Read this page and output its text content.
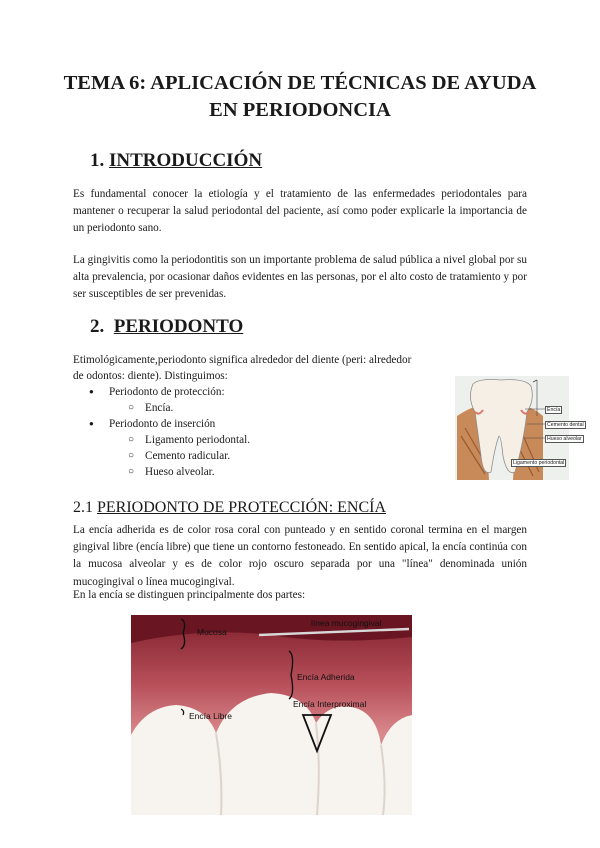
TEMA 6: APLICACIÓN DE TÉCNICAS DE AYUDA EN PERIODONCIA
1. INTRODUCCIÓN

Es fundamental conocer la etiología y el tratamiento de las enfermedades periodontales para mantener o recuperar la salud periodontal del paciente, así como poder explicarle la importancia de un periodonto sano.

La gingivitis como la periodontitis son un importante problema de salud pública a nivel global por su alta prevalencia, por ocasionar daños evidentes en las personas, por el alto costo de tratamiento y por ser susceptibles de ser prevenidas.

2. PERIODONTO

Etimológicamente,periodonto significa alrededor del diente (peri: alrededor
de odontos: diente). Distinguimos:

● Periodonto de protección:
○ Encía.
● Periodonto de inserción
○ Ligamento periodontal.
○ Cemento radicular.
○ Hueso alveolar.
Encía
Cemento dental
Hueso alveolar
Ligamento periodontal
2.1 PERIODONTO DE PROTECCIÓN: ENCÍA

La encía adherida es de color rosa coral con punteado y en sentido coronal termina en el margen gingival libre (encía libre) que tiene un contorno festoneado. En sentido apical, la encía continúa con la mucosa alveolar y es de color rojo oscuro separada por una "línea" denominada unión mucogingival o línea mucogingival.

En la encía se distinguen principalmente dos partes:

Mucosa
línea mucogingival
Encía Adherida
Encía Interproximal
Encía Libre
